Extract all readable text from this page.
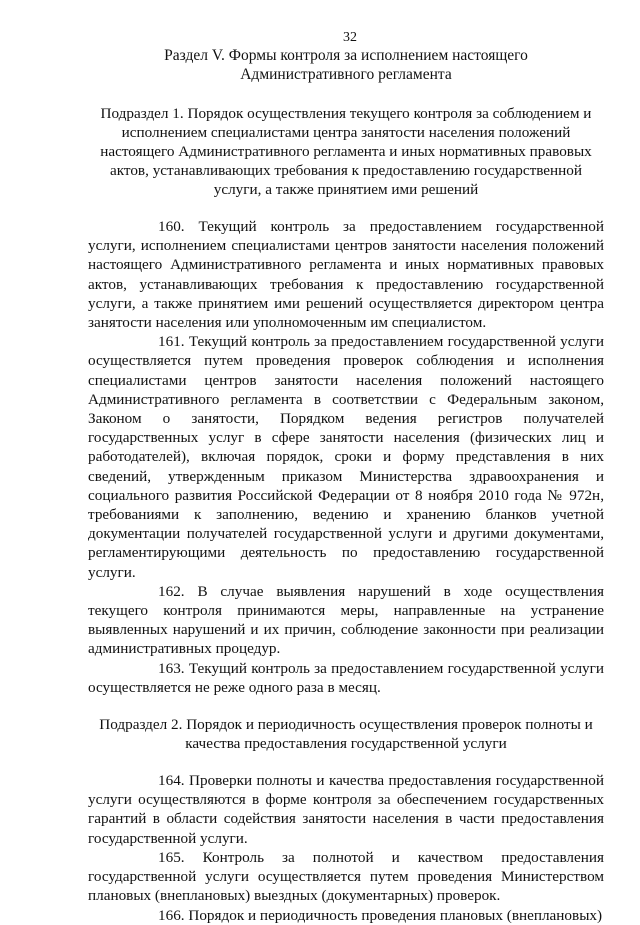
32
Раздел V. Формы контроля за исполнением настоящего
Административного регламента
Подраздел 1. Порядок осуществления текущего контроля за соблюдением и исполнением специалистами центра занятости населения положений настоящего Административного регламента и иных нормативных правовых актов, устанавливающих требования к предоставлению государственной услуги, а также принятием ими решений

160. Текущий контроль за предоставлением государственной услуги, исполнением специалистами центров занятости населения положений настоящего Административного регламента и иных нормативных правовых актов, устанавливающих требования к предоставлению государственной услуги, а также принятием ими решений осуществляется директором центра занятости населения или уполномоченным им специалистом.

161. Текущий контроль за предоставлением государственной услуги осуществляется путем проведения проверок соблюдения и исполнения специалистами центров занятости населения положений настоящего Административного регламента в соответствии с Федеральным законом, Законом о занятости, Порядком ведения регистров получателей государственных услуг в сфере занятости населения (физических лиц и работодателей), включая порядок, сроки и форму представления в них сведений, утвержденным приказом Министерства здравоохранения и социального развития Российской Федерации от 8 ноября 2010 года № 972н, требованиями к заполнению, ведению и хранению бланков учетной документации получателей государственной услуги и другими документами, регламентирующими деятельность по предоставлению государственной услуги.

162. В случае выявления нарушений в ходе осуществления текущего контроля принимаются меры, направленные на устранение выявленных нарушений и их причин, соблюдение законности при реализации административных процедур.

163. Текущий контроль за предоставлением государственной услуги осуществляется не реже одного раза в месяц.

Подраздел 2. Порядок и периодичность осуществления проверок полноты и качества предоставления государственной услуги

164. Проверки полноты и качества предоставления государственной услуги осуществляются в форме контроля за обеспечением государственных гарантий в области содействия занятости населения в части предоставления государственной услуги.

165. Контроль за полнотой и качеством предоставления государственной услуги осуществляется путем проведения Министерством плановых (внеплановых) выездных (документарных) проверок.

166. Порядок и периодичность проведения плановых (внеплановых)
